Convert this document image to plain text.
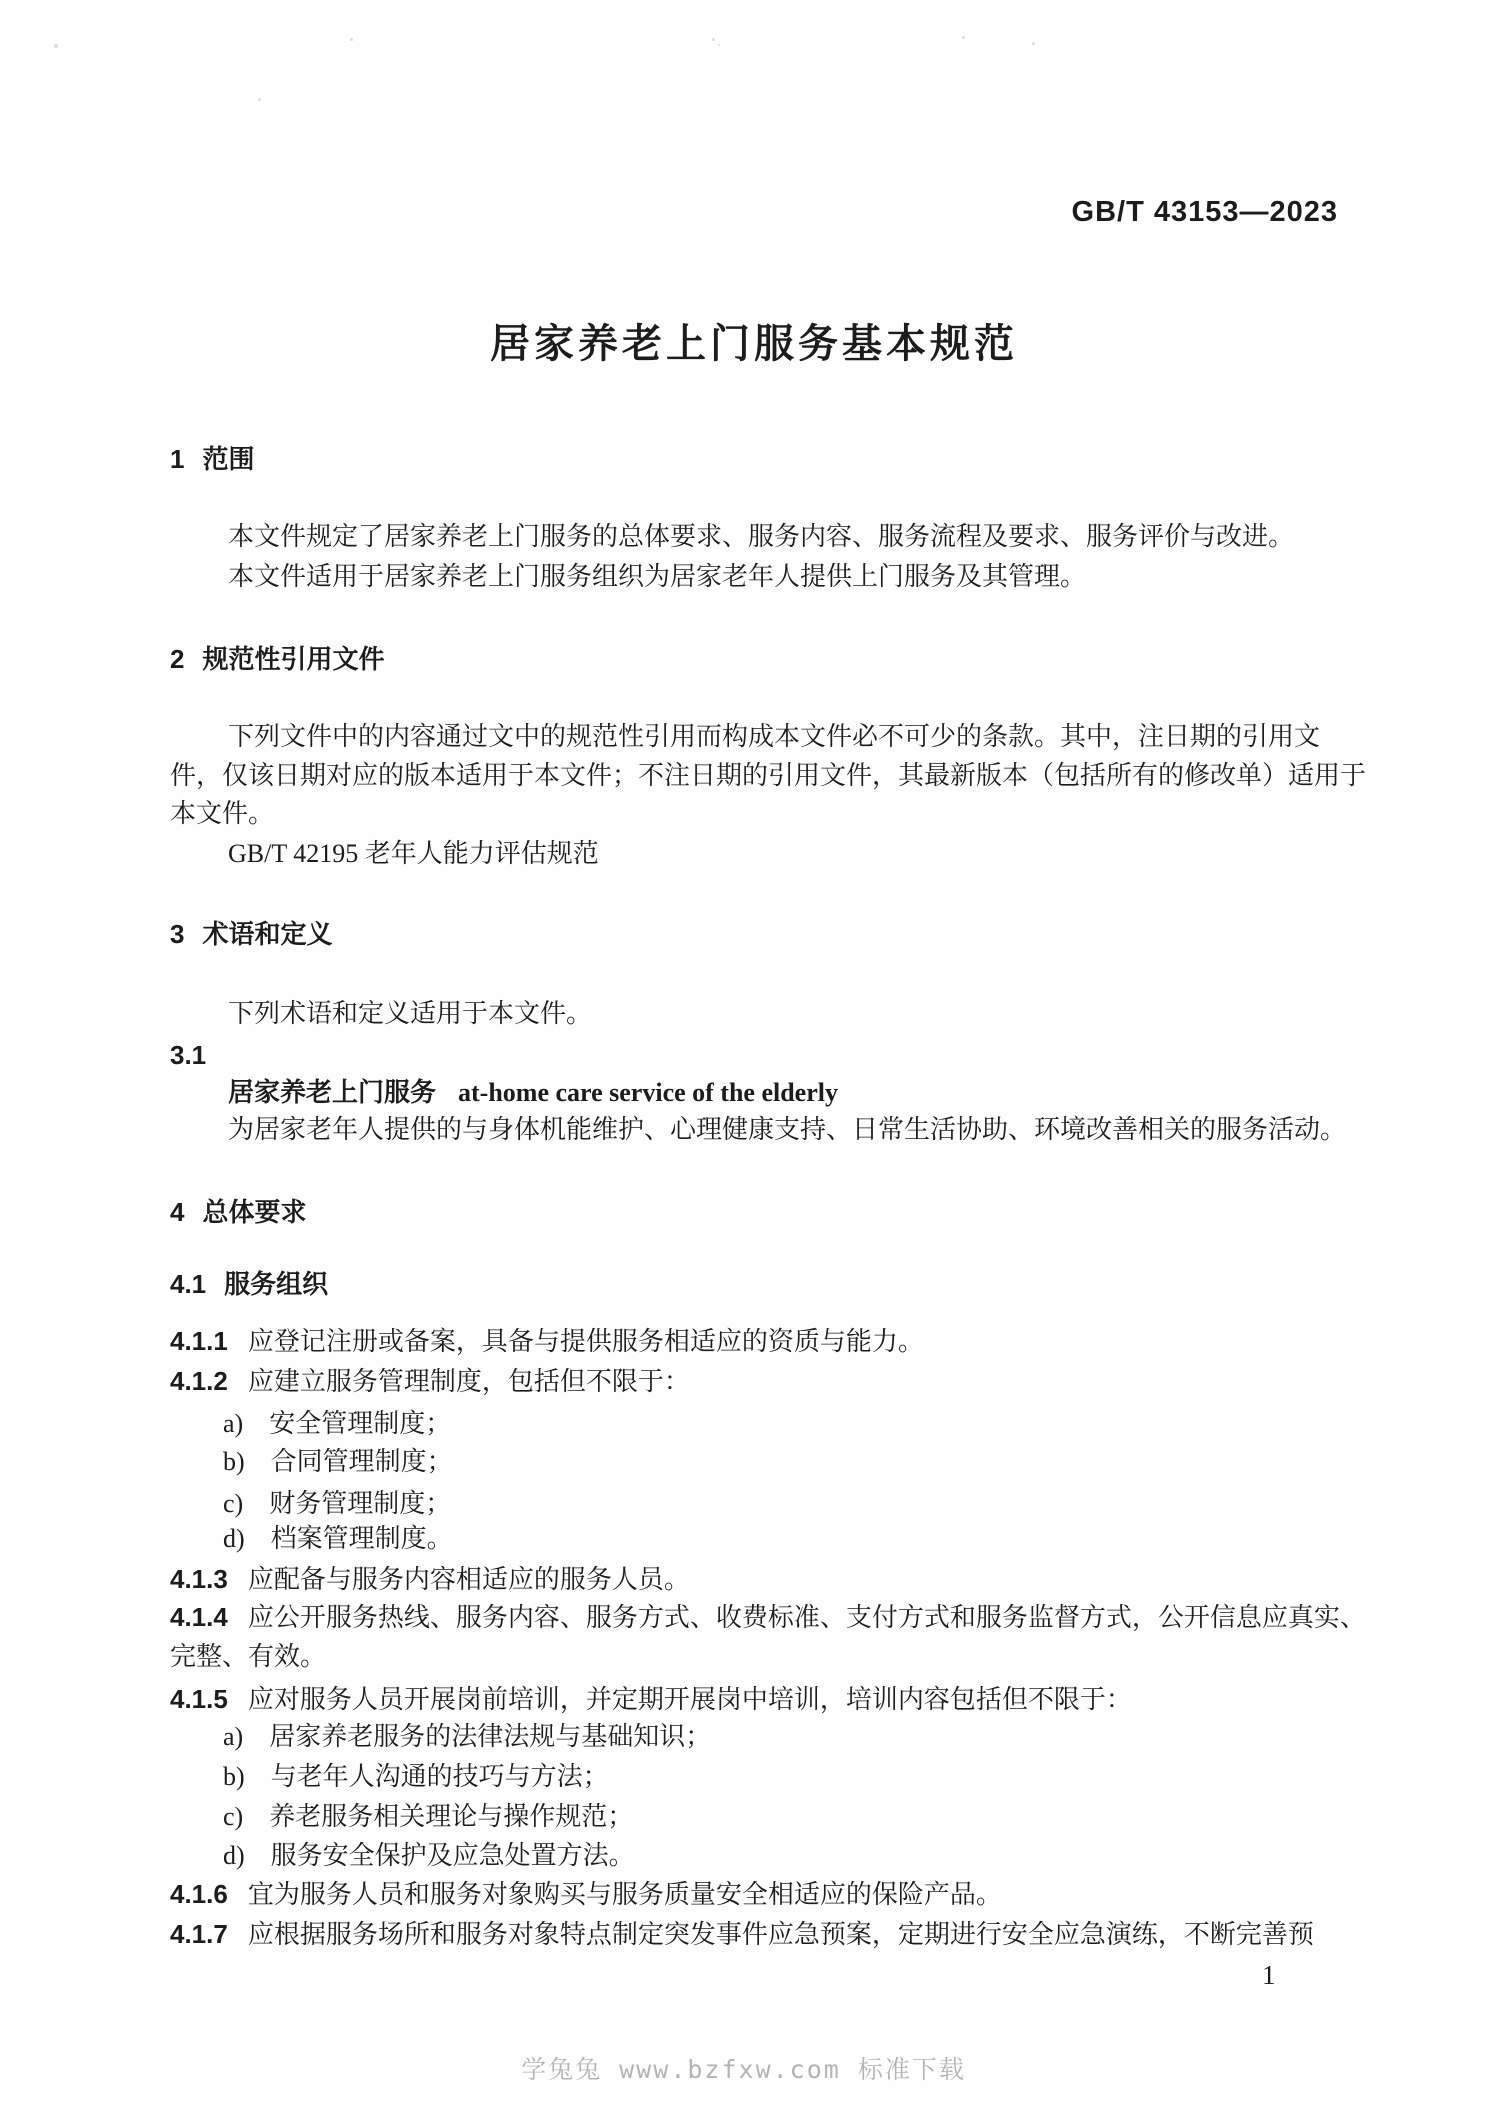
GB/T 43153—2023
居家养老上门服务基本规范
1 范围
本文件规定了居家养老上门服务的总体要求、服务内容、服务流程及要求、服务评价与改进。
本文件适用于居家养老上门服务组织为居家老年人提供上门服务及其管理。
2 规范性引用文件
下列文件中的内容通过文中的规范性引用而构成本文件必不可少的条款。其中，注日期的引用文
件，仅该日期对应的版本适用于本文件；不注日期的引用文件，其最新版本（包括所有的修改单）适用于
本文件。
GB/T 42195 老年人能力评估规范
3 术语和定义
下列术语和定义适用于本文件。
3.1
居家养老上门服务 at-home care service of the elderly
为居家老年人提供的与身体机能维护、心理健康支持、日常生活协助、环境改善相关的服务活动。
4 总体要求
4.1 服务组织
4.1.1 应登记注册或备案，具备与提供服务相适应的资质与能力。
4.1.2 应建立服务管理制度，包括但不限于：
a) 安全管理制度；
b) 合同管理制度；
c) 财务管理制度；
d) 档案管理制度。
4.1.3 应配备与服务内容相适应的服务人员。
4.1.4 应公开服务热线、服务内容、服务方式、收费标准、支付方式和服务监督方式，公开信息应真实、
完整、有效。
4.1.5 应对服务人员开展岗前培训，并定期开展岗中培训，培训内容包括但不限于：
a) 居家养老服务的法律法规与基础知识；
b) 与老年人沟通的技巧与方法；
c) 养老服务相关理论与操作规范；
d) 服务安全保护及应急处置方法。
4.1.6 宜为服务人员和服务对象购买与服务质量安全相适应的保险产品。
4.1.7 应根据服务场所和服务对象特点制定突发事件应急预案，定期进行安全应急演练，不断完善预
1
学兔兔 www.bzfxw.com 标准下载
